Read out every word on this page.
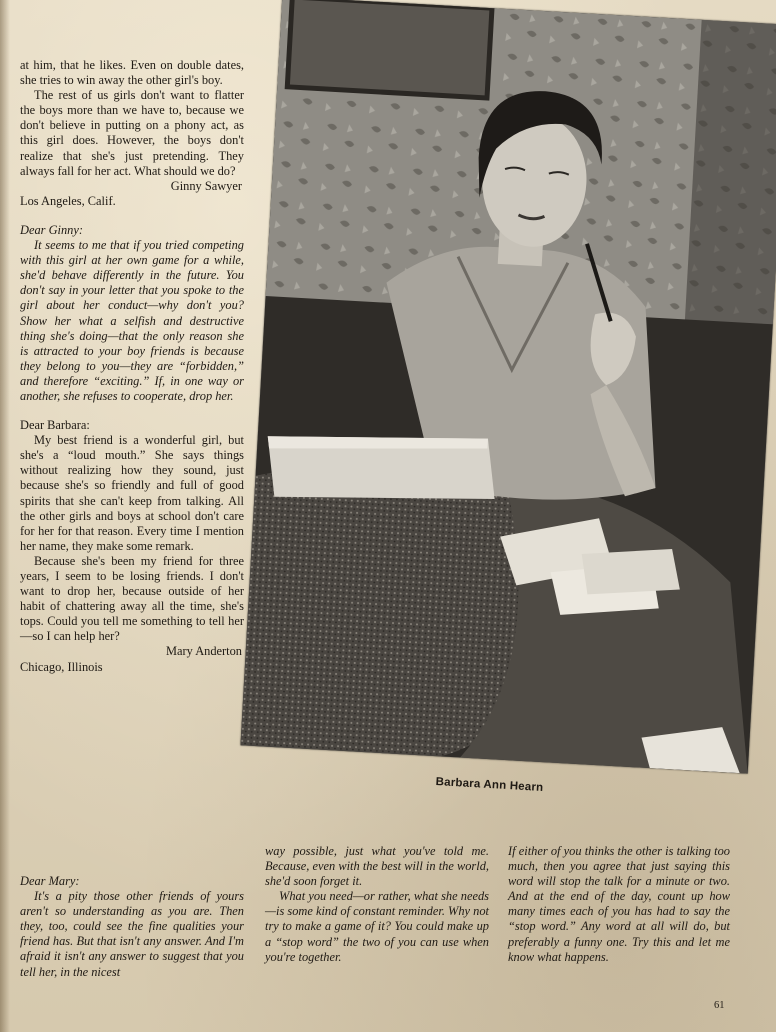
at him, that he likes. Even on double dates, she tries to win away the other girl's boy.

The rest of us girls don't want to flatter the boys more than we have to, because we don't believe in putting on a phony act, as this girl does. However, the boys don't realize that she's just pretending. They always fall for her act. What should we do?

Ginny Sawyer

Los Angeles, Calif.

Dear Ginny:

It seems to me that if you tried competing with this girl at her own game for a while, she'd behave differently in the future. You don't say in your letter that you spoke to the girl about her conduct—why don't you? Show her what a selfish and destructive thing she's doing—that the only reason she is attracted to your boy friends is because they belong to you—they are “forbidden,” and therefore “exciting.” If, in one way or another, she refuses to cooperate, drop her.

Dear Barbara:

My best friend is a wonderful girl, but she's a “loud mouth.” She says things without realizing how they sound, just because she's so friendly and full of good spirits that she can't keep from talking. All the other girls and boys at school don't care for her for that reason. Every time I mention her name, they make some remark.

Because she's been my friend for three years, I seem to be losing friends. I don't want to drop her, because outside of her habit of chattering away all the time, she's tops. Could you tell me something to tell her—so I can help her?

Mary Anderton

Chicago, Illinois

Barbara Ann Hearn

Dear Mary:

It's a pity those other friends of yours aren't so understanding as you are. Then they, too, could see the fine qualities your friend has. But that isn't any answer. And I'm afraid it isn't any answer to suggest that you tell her, in the nicest

way possible, just what you've told me. Because, even with the best will in the world, she'd soon forget it.

What you need—or rather, what she needs—is some kind of constant reminder. Why not try to make a game of it? You could make up a “stop word” the two of you can use when you're together.

If either of you thinks the other is talking too much, then you agree that just saying this word will stop the talk for a minute or two. And at the end of the day, count up how many times each of you has had to say the “stop word.” Any word at all will do, but preferably a funny one. Try this and let me know what happens.

61
